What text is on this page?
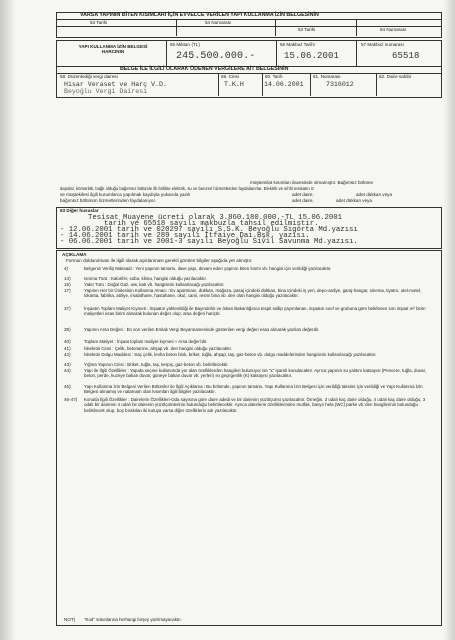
VARSA YAPININ BİTEN KISIMLARI İÇİN EVVELCE VERİLEN YAPI KULLANMA İZİN BELGESİNİN
53 Tarihi	54 Numarası
53 Tarihi	54 Numarası
YAPI KULLANMA İZİN BELGESİ HARCININ
55 Miktarı (TL)
245.500.000.-
56 Makbuz Tarihi
15.06.2001
57 Makbuz numarası
65518
BELGE İLE İLGİLİ OLARAK ÖDENEN VERGİLERE AİT BELGESİNİN
58. Düzenlediği vergi dairesi	59. Cinsi	60. Tarih	61. Numarası	62. Daire sahibi
Hisar Veraset ve Harç V.D.	T.K.H	14.06.2001	7316012
Beyoğlu Vergi Dairesi
müştemilat kısımları ilavesinde olmamıştır. Bağımsız bölüme
depolar, kömürlük, bağlı olduğu bağımsız bölümle ilk birlikte elektrik, su ve benzeri hizmetlerden faydalanırlar. Elektrik ve sıhhi tesisatın iz
ve müştekilesi ilgili kurumlarca yapılmak kaydıyla yukarıda yazılı	adet daire,	adet dükkan veya
bağımsız bölümün hizmetlerinden faydalanıyor.	adet daire,	adet dükkan veya
63 Diğer hususlar
Tesisat Muayene ücreti olarak 3.860.180.000.-TL 15.06.2001
tarih ve 65518 sayılı makbuzla tahsil edilmiştir.
- 12.06.2001 tarih ve 020297 sayılı S.S.K. Beyoğlu Sigorta Md.yazısı
- 14.06.2001 tarih ve 289 sayılı İtfaiye Dai.Bşk. yazısı.
- 06.06.2001 tarih ve 2001-3 sayılı Beyoğlu Sivil Savunma Md.yazısı.
AÇIKLAMA
Formun doldurulması ile ilgili olarak açıklanması gerekli görülen bilgiler aşağıda yer almıştır.
4)	Belgenin Veriliş Maksadı : Yeni yapının tamamı, ilave yapı, devam eden yapının biten kısmı vb. hangisi için verildiği yazılacaktır.
14)	Isınma Türü : Kalorifer, soba, klima, hangisi olduğu yazılacaktır.
15)	Yakıt Türü : Doğal Gaz, ww, katı vb. hangisinin kullanılacağı yazılacaktır.
17)	Yapının Her bir Ünitesinin Kullanma Amacı : Ev apartmanı, dükkan, mağaza, pasaj içindeki dükkan, bina içindeki iş yeri, depo-ardiye, garaj-hangar, sinema, tiyatro, otel-motel, lokanta, fabrika, atölye, imalathane, hastahane, okul, cami, resmi bina vb. den olan hangisi olduğu yazılacaktır.
37)	İnşaatın Toplam Maliyet Kıymeti : İnşaatın yüklenildiği ile Bayındırlık ve İskan Bakanlığınca tespit edilip yayımlanan, inşaatın sınıf ve grubuna göre belirlenen son inşaat m² birim maliyetleri esas birim alınarak bulunan değer olup, arsa değeri hariçtir.
39)	Yapının Arsa Değeri : En son verilen Emlak Vergi Beyannamesinde gösterilen vergi değeri esas alınarak yazılan değerdir.
40)	Toplam Maliyet : İnşaat toplam maliyet kıymeti + Arsa değeri'dir.
41)	İskeletin Cinsi : Çelik, betonarme, ahşap vb. den hangisi olduğu yazılacaktır.
42)	İskeletin Dolgu Maddesi : Saç çelik, levha beton blok, briket, tuğla, ahşap, taş, gaz-beton vb. dolgu maddelerinden hangisinin kullanılacağı yazılacaktır.
43)	Yığma Yapının Cinsi : Briket, tuğla, taş, kerpiç, gaz-beton vb. belirtilecektir.
44)	Yapı ile İlgili Özellikler : Yapıda seçme kullanımda yer alan özelliklerden hangileri bulunuyor ise "x" işareti konulacaktır. Ayrıca yapının su yalıtım katsayısı (Pencere, tuğla, duvar, beton, perde, kuzeye bakan duvar, güneye bakan duvar vb. yerleri) ısı geçirgenlik (K) katsayısı yazılacaktır.
45)	Yapı Kullanma İzin Belgesi Verilen Bölümler ile İlgili Açıklama : Bu bölümde, yapının tamamı, Yapı Kullanma İzin Belgesi için verildiği taksimi için verildiği ve Yapı Kullanma İzin Belgesi alınamış ve natamam olan kısımları ilgili bilgiler yazılacaktır.
46-47) Konutla İlgili Özellikler : Dairelerin Özellikleri-Oda sayısına göre daire adedi ve bir dairenin yüzölçümü yazılacaktır. Örneğin, 3 odalı kaç daire olduğu, 4 odalı kaç daire olduğu, 3 odalı bir dairenin 4 odalı bir dairenin yüzölçümlerinin bulunduğu belirtilecektir. Ayrıca dairelerin özelliklerinden mutfak, banyo hela (WC) parke vb.'den hangilerinin bulunduğu belirtilecek olup, boş bırakılan iki kutuya varsa diğer özelliklerin adı yazılacaktır.
NOT) "Kod" sütunlarına herhangi birşey yazılmayacaktır.
